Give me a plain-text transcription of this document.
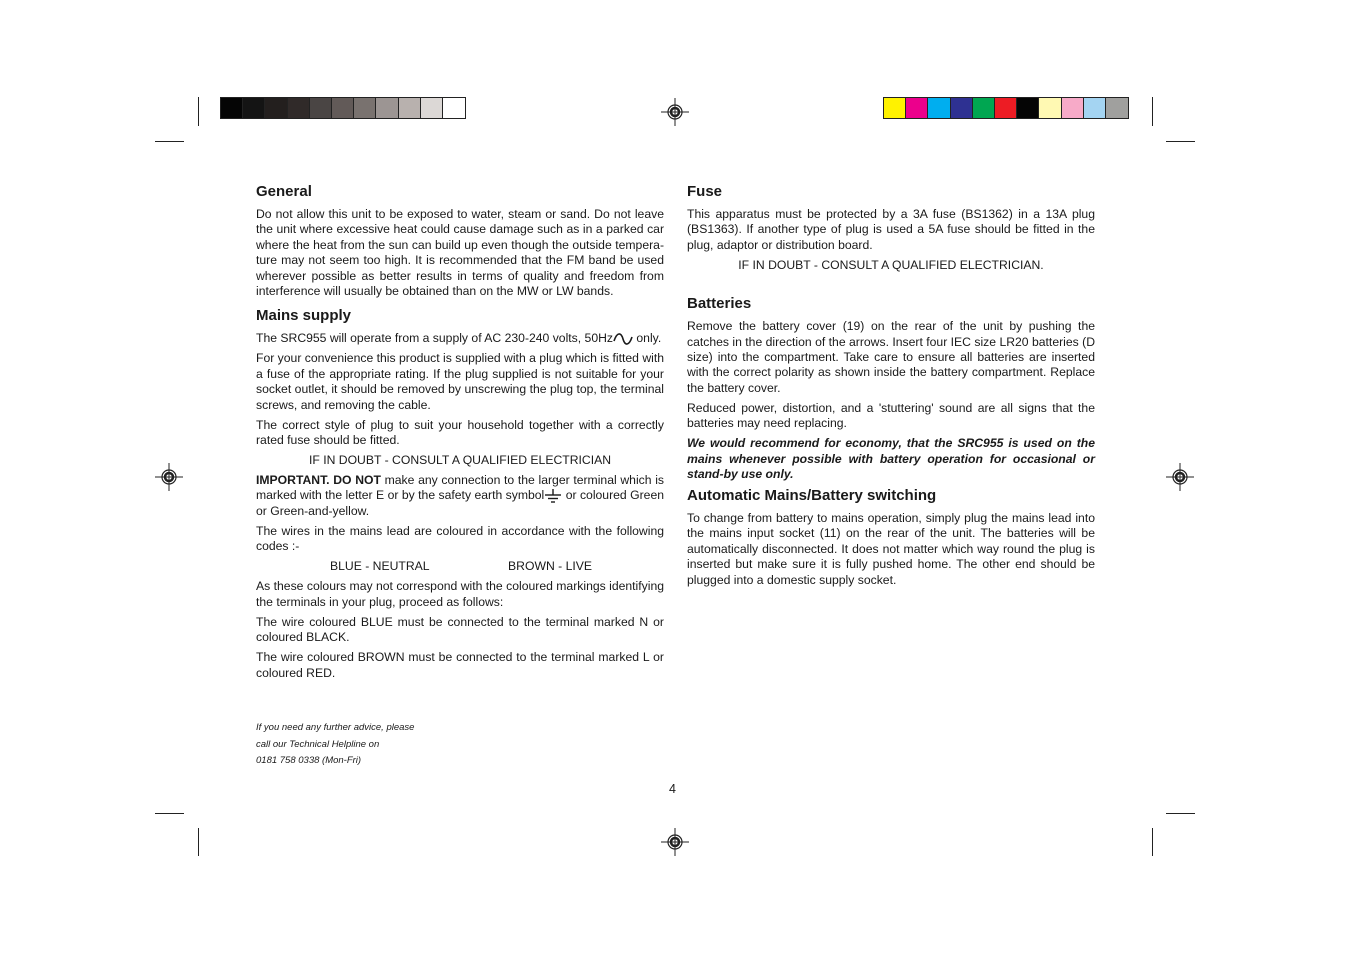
General

Do not allow this unit to be exposed to water, steam or sand. Do not leave the unit where excessive heat could cause damage such as in a parked car where the heat from the sun can build up even though the outside tempera-ture may not seem too high. It is recommended that the FM band be used wherever possible as better results in terms of quality and freedom from interference will usually be obtained than on the MW or LW bands.

Mains supply

The SRC955 will operate from a supply of AC 230-240 volts, 50Hz only.

For your convenience this product is supplied with a plug which is fitted with a fuse of the appropriate rating. If the plug supplied is not suitable for your socket outlet, it should be removed by unscrewing the plug top, the terminal screws, and removing the cable.

The correct style of plug to suit your household together with a correctly rated fuse should be fitted.

IF IN DOUBT - CONSULT A QUALIFIED ELECTRICIAN

IMPORTANT. DO NOT make any connection to the larger terminal which is marked with the letter E or by the safety earth symbol or coloured Green or Green-and-yellow.

The wires in the mains lead are coloured in accordance with the following codes :-

BLUE - NEUTRAL	BROWN - LIVE

As these colours may not correspond with the coloured markings identifying the terminals in your plug, proceed as follows:

The wire coloured BLUE must be connected to the terminal marked N or coloured BLACK.

The wire coloured BROWN must be connected to the terminal marked L or coloured RED.

Fuse

This apparatus must be protected by a 3A fuse (BS1362) in a 13A plug (BS1363). If another type of plug is used a 5A fuse should be fitted in the plug, adaptor or distribution board.

IF IN DOUBT - CONSULT A QUALIFIED ELECTRICIAN.

Batteries

Remove the battery cover (19) on the rear of the unit by pushing the catches in the direction of the arrows. Insert four IEC size LR20 batteries (D size) into the compartment. Take care to ensure all batteries are inserted with the correct polarity as shown inside the battery compartment. Replace the battery cover.

Reduced power, distortion, and a 'stuttering' sound are all signs that the batteries may need replacing.

We would recommend for economy, that the SRC955 is used on the mains whenever possible with battery operation for occasional or stand-by use only.

Automatic Mains/Battery switching

To change from battery to mains operation, simply plug the mains lead into the mains input socket (11) on the rear of the unit. The batteries will be automatically disconnected. It does not matter which way round the plug is inserted but make sure it is fully pushed home. The other end should be plugged into a domestic supply socket.

If you need any further advice, please
call our Technical Helpline on
0181 758 0338 (Mon-Fri)
4
